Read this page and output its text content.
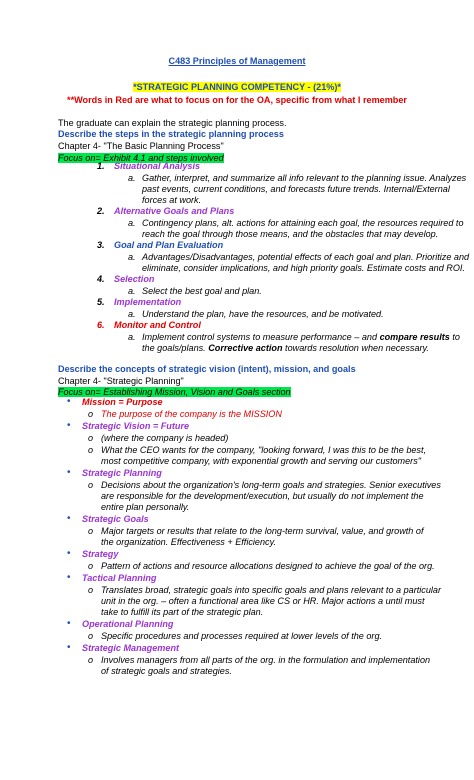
C483 Principles of Management
*STRATEGIC PLANNING COMPETENCY - (21%)*
**Words in Red are what to focus on for the OA, specific from what I remember
The graduate can explain the strategic planning process.
Describe the steps in the strategic planning process
Chapter 4- "The Basic Planning Process"
Focus on= Exhibit 4.1 and steps involved
1. Situational Analysis
a. Gather, interpret, and summarize all info relevant to the planning issue. Analyzes
past events, current conditions, and forecasts future trends. Internal/External
forces at work.
2. Alternative Goals and Plans
a. Contingency plans, alt. actions for attaining each goal, the resources required to
reach the goal through those means, and the obstacles that may develop.
3. Goal and Plan Evaluation
a. Advantages/Disadvantages, potential effects of each goal and plan. Prioritize and
eliminate, consider implications, and high priority goals. Estimate costs and ROI.
4. Selection
a. Select the best goal and plan.
5. Implementation
a. Understand the plan, have the resources, and be motivated.
6. Monitor and Control
a. Implement control systems to measure performance – and compare results to
the goals/plans. Corrective action towards resolution when necessary.
Describe the concepts of strategic vision (intent), mission, and goals
Chapter 4- "Strategic Planning"
Focus on= Establishing Mission, Vision and Goals section
• Mission = Purpose
o The purpose of the company is the MISSION
• Strategic Vision = Future
o (where the company is headed)
o What the CEO wants for the company, "looking forward, I was this to be the best,
most competitive company, with exponential growth and serving our customers"
• Strategic Planning
o Decisions about the organization's long-term goals and strategies. Senior executives
are responsible for the development/execution, but usually do not implement the
entire plan personally.
• Strategic Goals
o Major targets or results that relate to the long-term survival, value, and growth of
the organization. Effectiveness + Efficiency.
• Strategy
o Pattern of actions and resource allocations designed to achieve the goal of the org.
• Tactical Planning
o Translates broad, strategic goals into specific goals and plans relevant to a particular
unit in the org. – often a functional area like CS or HR. Major actions a until must
take to fulfill its part of the strategic plan.
• Operational Planning
o Specific procedures and processes required at lower levels of the org.
• Strategic Management
o Involves managers from all parts of the org. in the formulation and implementation
of strategic goals and strategies.
